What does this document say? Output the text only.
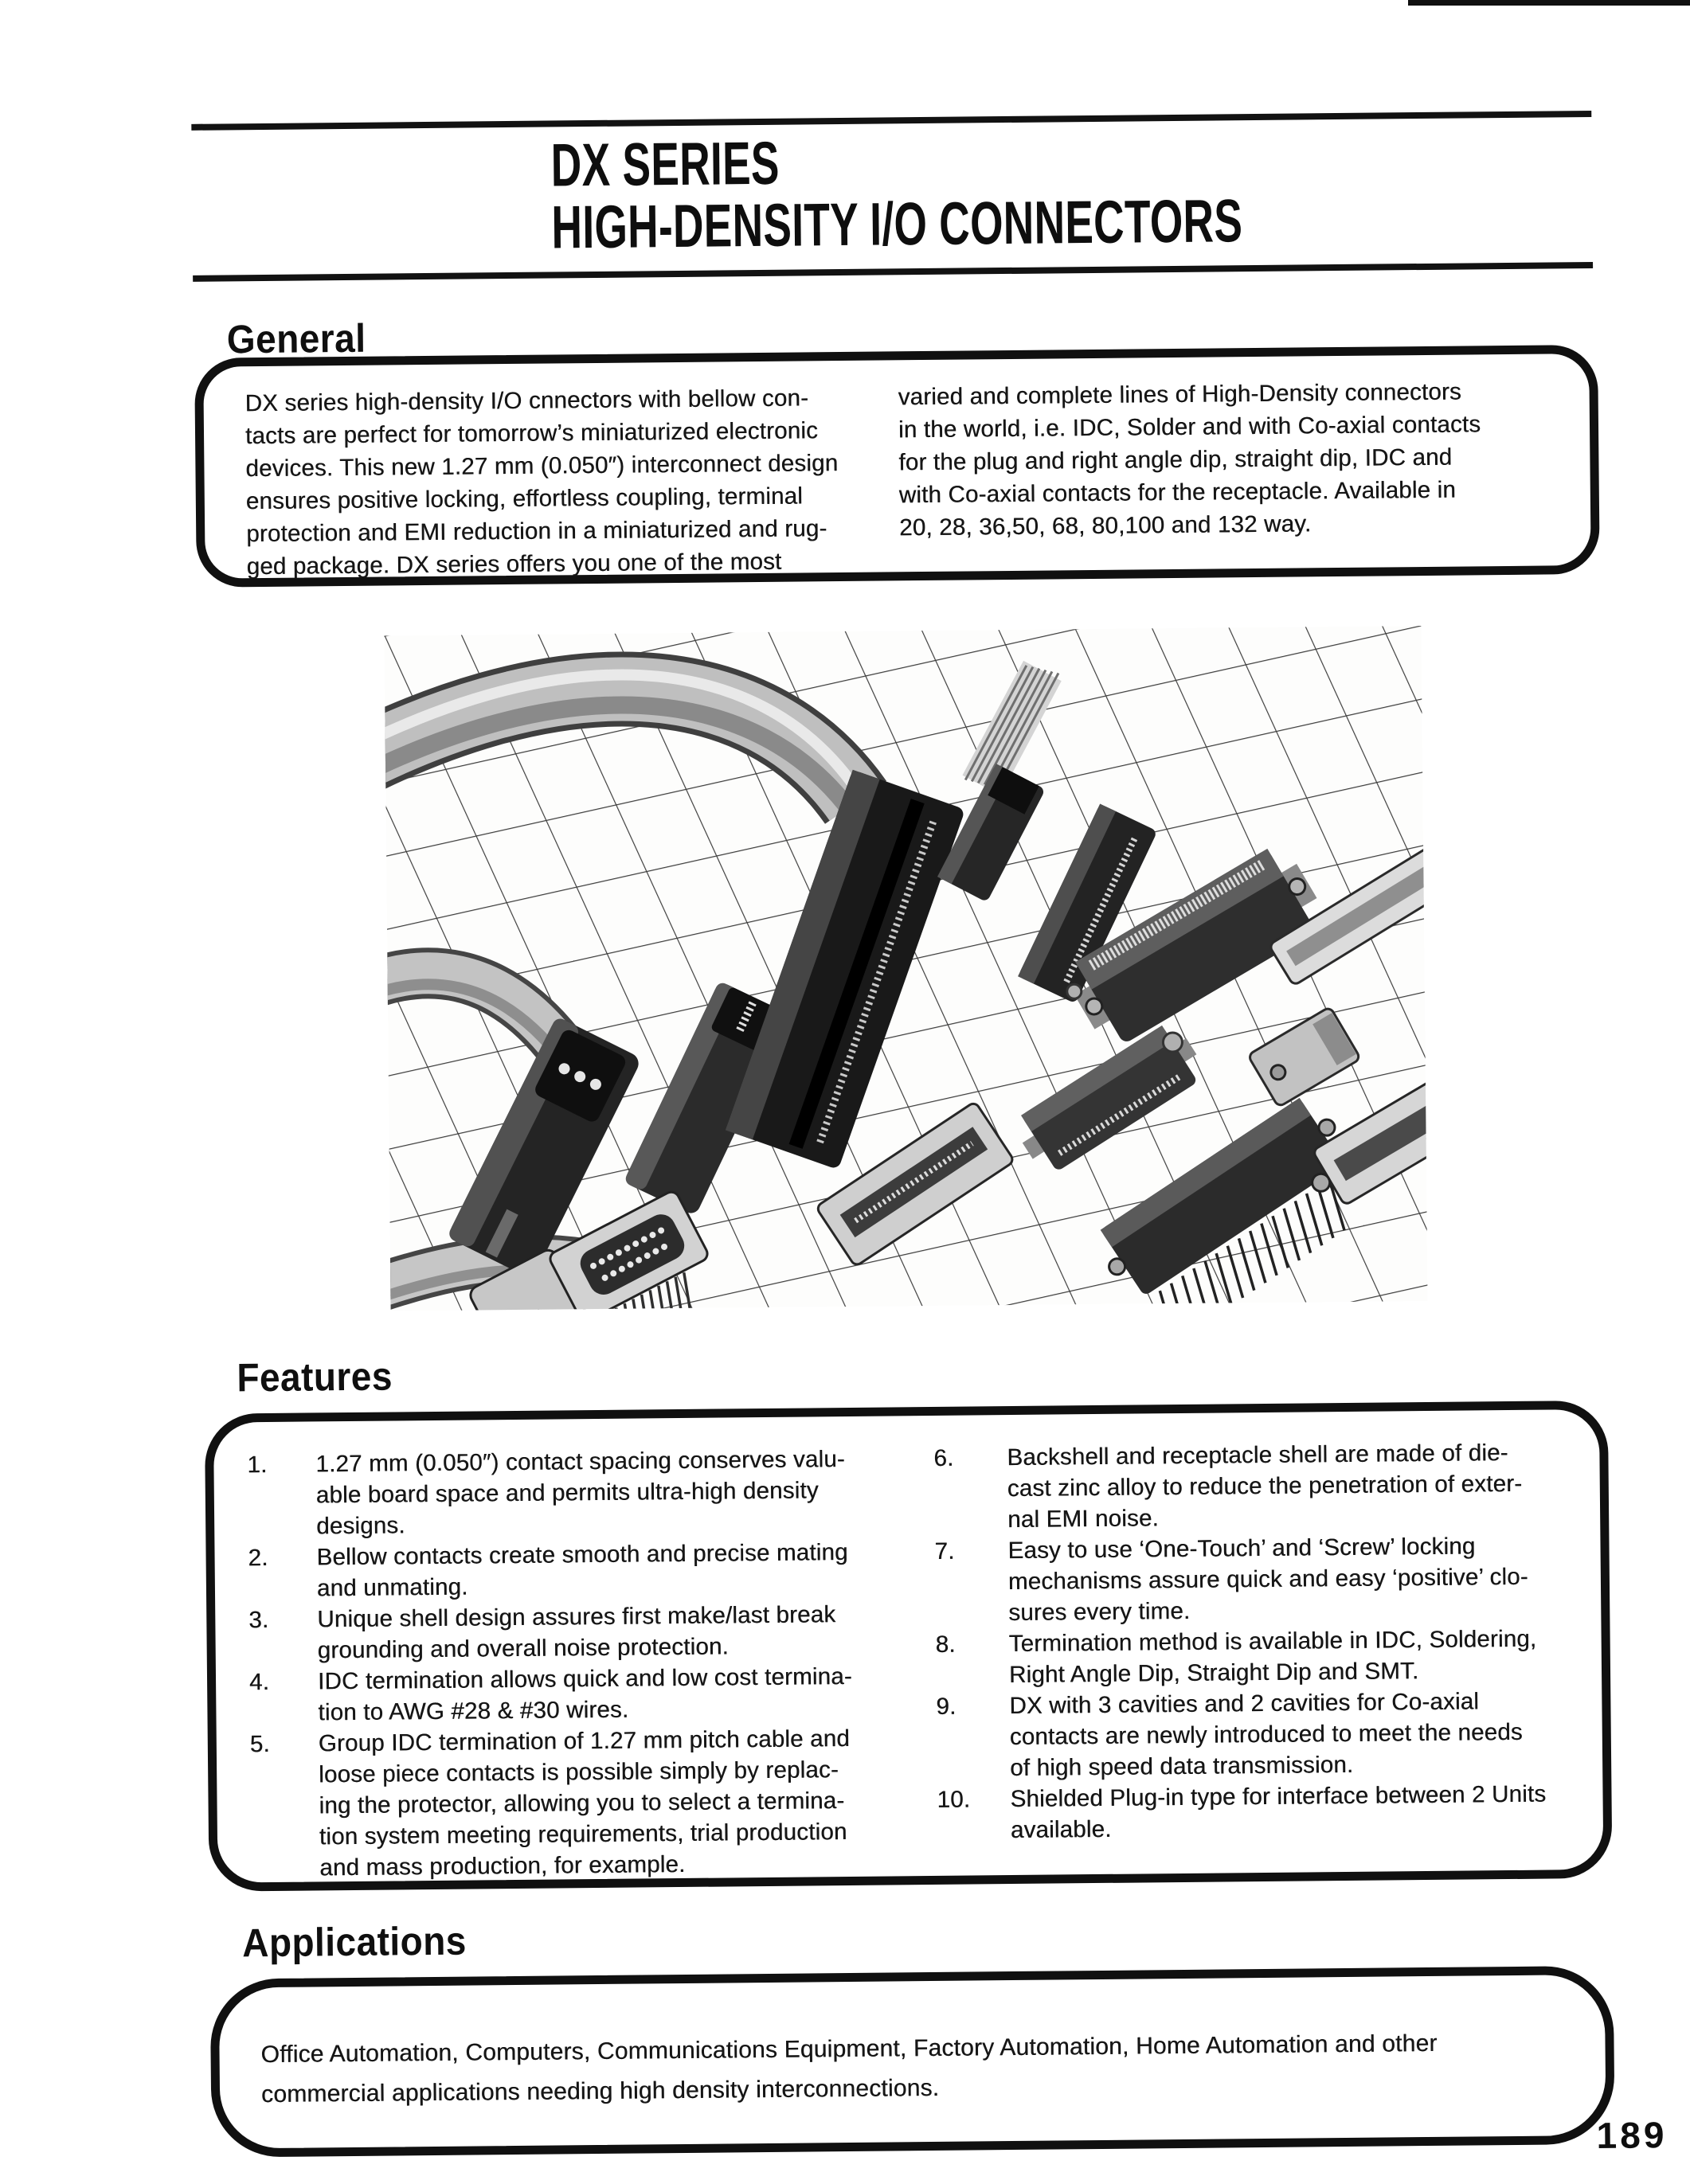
DX SERIES
HIGH-DENSITY I/O CONNECTORS
General
DX series high-density I/O cnnectors with bellow con-
tacts are perfect for tomorrow’s miniaturized electronic
devices. This new 1.27 mm (0.050″) interconnect design
ensures positive locking, effortless coupling, terminal
protection and EMI reduction in a miniaturized and rug-
ged package. DX series offers you one of the most
varied and complete lines of High-Density connectors
in the world, i.e. IDC, Solder and with Co-axial contacts
for the plug and right angle dip, straight dip, IDC and
with Co-axial contacts for the receptacle. Available in
20, 28, 36,50, 68, 80,100 and 132 way.
Features
1.	1.27 mm (0.050″) contact spacing conserves valu-
able board space and permits ultra-high density
designs.
2.	Bellow contacts create smooth and precise mating
and unmating.
3.	Unique shell design assures first make/last break
grounding and overall noise protection.
4.	IDC termination allows quick and low cost termina-
tion to AWG #28 & #30 wires.
5.	Group IDC termination of 1.27 mm pitch cable and
loose piece contacts is possible simply by replac-
ing the protector, allowing you to select a termina-
tion system meeting requirements, trial production
and mass production, for example.
6.	Backshell and receptacle shell are made of die-
cast zinc alloy to reduce the penetration of exter-
nal EMI noise.
7.	Easy to use ‘One-Touch’ and ‘Screw’ locking
mechanisms assure quick and easy ‘positive’ clo-
sures every time.
8.	Termination method is available in IDC, Soldering,
Right Angle Dip, Straight Dip and SMT.
9.	DX with 3 cavities and 2 cavities for Co-axial
contacts are newly introduced to meet the needs
of high speed data transmission.
10.	Shielded Plug-in type for interface between 2 Units
available.
Applications
Office Automation, Computers, Communications Equipment, Factory Automation, Home Automation and other
commercial applications needing high density interconnections.
189
